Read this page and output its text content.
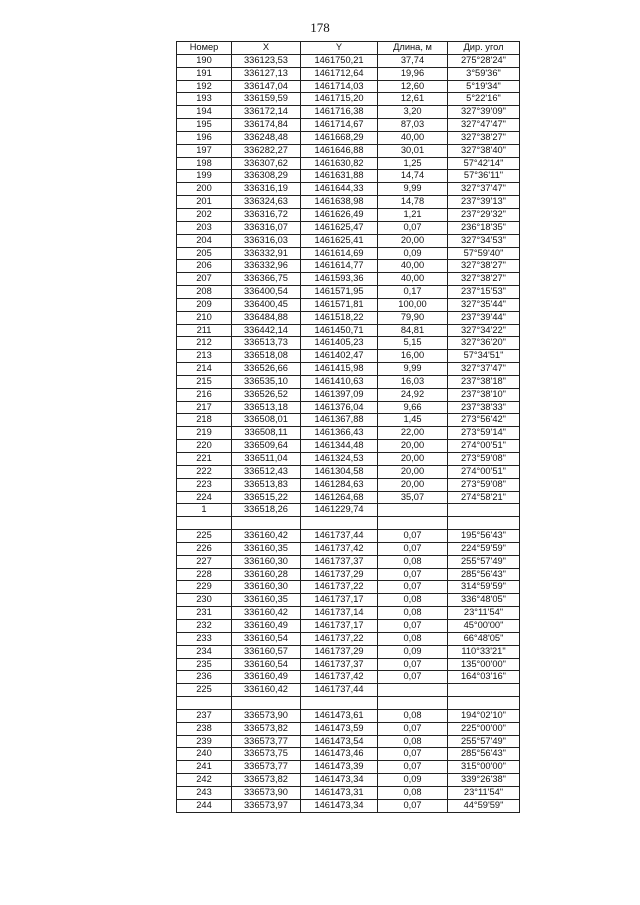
178
Номер	X	Y	Длина, м	Дир. угол
190	336123,53	1461750,21	37,74	275°28'24"
191	336127,13	1461712,64	19,96	3°59'36"
192	336147,04	1461714,03	12,60	5°19'34"
193	336159,59	1461715,20	12,61	5°22'16"
194	336172,14	1461716,38	3,20	327°39'09"
195	336174,84	1461714,67	87,03	327°47'47"
196	336248,48	1461668,29	40,00	327°38'27"
197	336282,27	1461646,88	30,01	327°38'40"
198	336307,62	1461630,82	1,25	57°42'14"
199	336308,29	1461631,88	14,74	57°36'11"
200	336316,19	1461644,33	9,99	327°37'47"
201	336324,63	1461638,98	14,78	237°39'13"
202	336316,72	1461626,49	1,21	237°29'32"
203	336316,07	1461625,47	0,07	236°18'35"
204	336316,03	1461625,41	20,00	327°34'53"
205	336332,91	1461614,69	0,09	57°59'40"
206	336332,96	1461614,77	40,00	327°38'27"
207	336366,75	1461593,36	40,00	327°38'27"
208	336400,54	1461571,95	0,17	237°15'53"
209	336400,45	1461571,81	100,00	327°35'44"
210	336484,88	1461518,22	79,90	237°39'44"
211	336442,14	1461450,71	84,81	327°34'22"
212	336513,73	1461405,23	5,15	327°36'20"
213	336518,08	1461402,47	16,00	57°34'51"
214	336526,66	1461415,98	9,99	327°37'47"
215	336535,10	1461410,63	16,03	237°38'18"
216	336526,52	1461397,09	24,92	237°38'10"
217	336513,18	1461376,04	9,66	237°38'33"
218	336508,01	1461367,88	1,45	273°56'42"
219	336508,11	1461366,43	22,00	273°59'14"
220	336509,64	1461344,48	20,00	274°00'51"
221	336511,04	1461324,53	20,00	273°59'08"
222	336512,43	1461304,58	20,00	274°00'51"
223	336513,83	1461284,63	20,00	273°59'08"
224	336515,22	1461264,68	35,07	274°58'21"
1	336518,26	1461229,74		

225	336160,42	1461737,44	0,07	195°56'43"
226	336160,35	1461737,42	0,07	224°59'59"
227	336160,30	1461737,37	0,08	255°57'49"
228	336160,28	1461737,29	0,07	285°56'43"
229	336160,30	1461737,22	0,07	314°59'59"
230	336160,35	1461737,17	0,08	336°48'05"
231	336160,42	1461737,14	0,08	23°11'54"
232	336160,49	1461737,17	0,07	45°00'00"
233	336160,54	1461737,22	0,08	66°48'05"
234	336160,57	1461737,29	0,09	110°33'21"
235	336160,54	1461737,37	0,07	135°00'00"
236	336160,49	1461737,42	0,07	164°03'16"
225	336160,42	1461737,44		

237	336573,90	1461473,61	0,08	194°02'10"
238	336573,82	1461473,59	0,07	225°00'00"
239	336573,77	1461473,54	0,08	255°57'49"
240	336573,75	1461473,46	0,07	285°56'43"
241	336573,77	1461473,39	0,07	315°00'00"
242	336573,82	1461473,34	0,09	339°26'38"
243	336573,90	1461473,31	0,08	23°11'54"
244	336573,97	1461473,34	0,07	44°59'59"
